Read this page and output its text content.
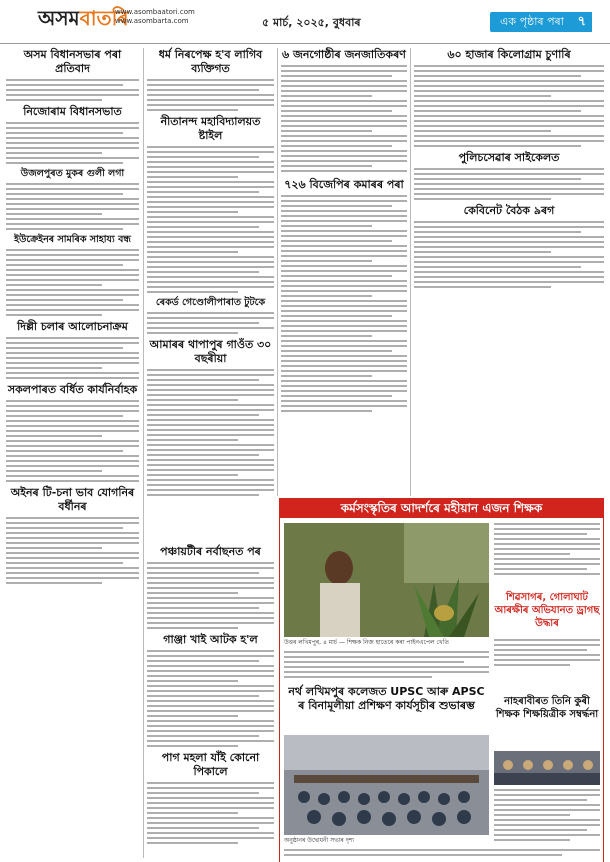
অসমবাতৰি
www.asombaatori.com
www.asombarta.com	৫ মাৰ্চ, ২০২৫, বুধবাৰ	এক পৃষ্ঠাৰ পৰা ৭
অসম বিধানসভাৰ পৰা প্ৰতিবাদ
নিজোৰাম বিধানসভাত
উজলপুৰত মুকৰ গুলী লগা
ইউক্ৰেইনৰ সামৰিক সাহায্য বন্ধ
দিল্লী চলাৰ আলোচনাক্ৰম
সকলপাৰত বৰ্ধিত কাৰ্যনিৰ্বাহক
অইনৰ টি-চনা ভাব যোগনিৰ বৰ্ধীনৰ
ধৰ্ম নিৰপেক্ষ হ'ব লাগিব ব্যক্তিগত
নীতানন্দ মহাবিদ্যালয়ত ষ্টাইল
ৰেকৰ্ড গেণ্ডোলীপাৰাত টুটকে
আমাৰৰ থাপাপুৰ গাওঁত ৩০ বছৰীয়া
পঞ্চায়টীৰ নৰ্বাছনত পৰ
গাঞ্জা খাই আটক হ'ল
পাগ মহলা যাঁই কোনো পিকালে
৬ জনগোষ্ঠীৰ জনজাতিকৰণ
৭২৬ বিজেপিৰ কমাৰৰ পৰা
৬০ হাজাৰ কিলোগ্ৰাম চুণাৰি
পুলিচসেৱাৰ সাইকেলত
কেবিনেট বৈঠক ৯ৰগ
কৰ্মসংস্কৃতিৰ আদৰ্শৰে মহীয়ান এজন শিক্ষক
উত্তৰ লখিমপুৰ, ৪ মাৰ্চ — শিক্ষক নিজ হাতেৰে কৰা পাইনএপেল খেতি
শিৱসাগৰ, গোলাঘাট আৰক্ষীৰ অভিযানত ড্ৰাগছ উদ্ধাৰ
নৰ্থ লখিমপুৰ কলেজত UPSC আৰু APSC ৰ বিনামূলীয়া প্ৰশিক্ষণ কাৰ্যসূচীৰ শুভাৰম্ভ
অনুষ্ঠানৰ উদ্বোধনী সভাৰ দৃশ্য
নাহৰাবীৰত তিনি কুৰী শিক্ষক শিক্ষয়িত্ৰীক সম্বৰ্দ্ধনা
